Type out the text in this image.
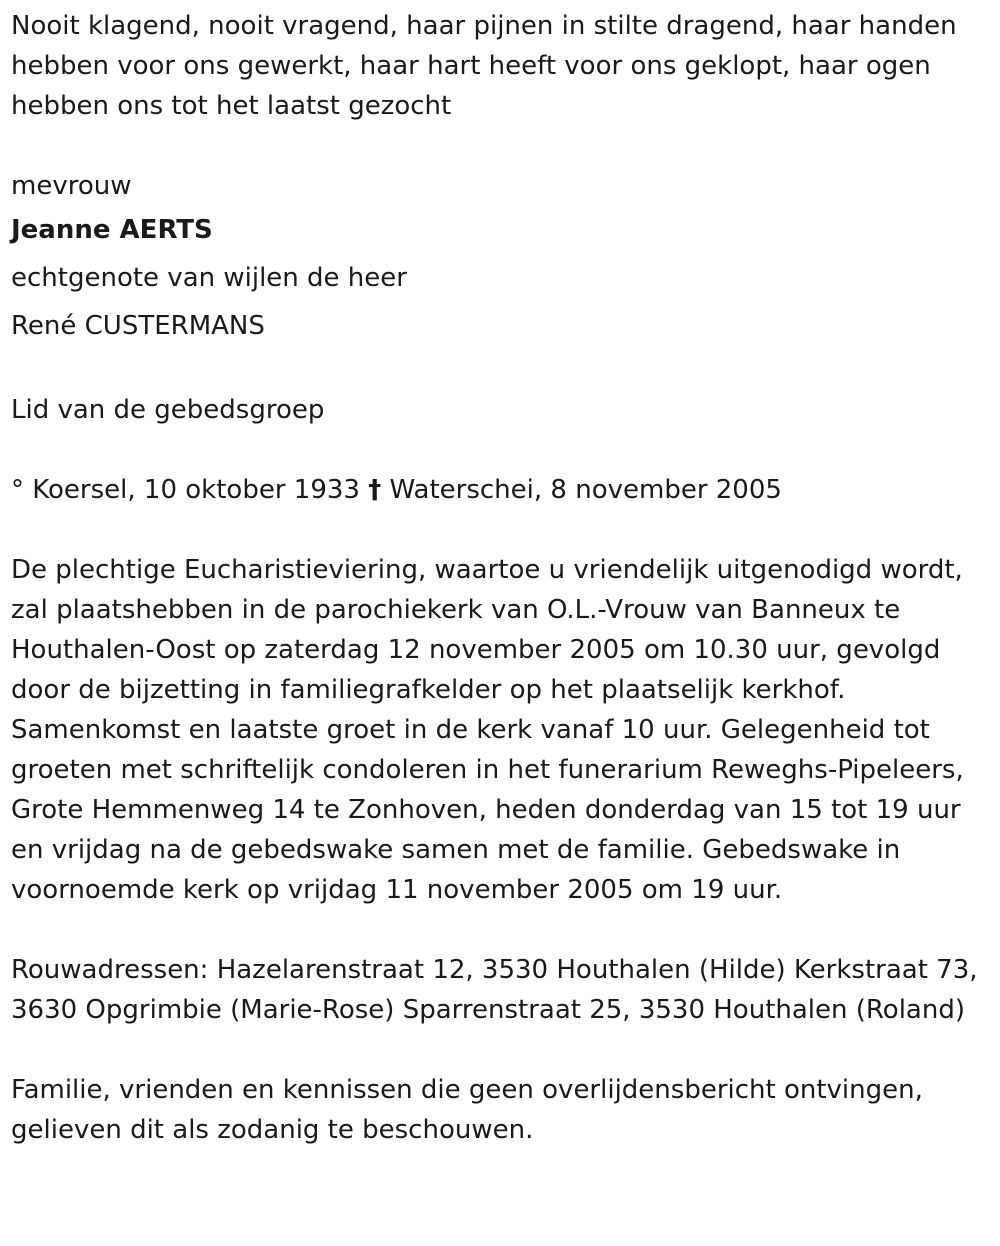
Nooit klagend, nooit vragend, haar pijnen in stilte dragend, haar handen hebben voor ons gewerkt, haar hart heeft voor ons geklopt, haar ogen hebben ons tot het laatst gezocht

mevrouw

Jeanne AERTS

echtgenote van wijlen de heer

René CUSTERMANS

Lid van de gebedsgroep

° Koersel, 10 oktober 1933 † Waterschei, 8 november 2005

De plechtige Eucharistieviering, waartoe u vriendelijk uitgenodigd wordt, zal plaatshebben in de parochiekerk van O.L.-Vrouw van Banneux te Houthalen-Oost op zaterdag 12 november 2005 om 10.30 uur, gevolgd door de bijzetting in familiegrafkelder op het plaatselijk kerkhof. Samenkomst en laatste groet in de kerk vanaf 10 uur. Gelegenheid tot groeten met schriftelijk condoleren in het funerarium Reweghs-Pipeleers, Grote Hemmenweg 14 te Zonhoven, heden donderdag van 15 tot 19 uur en vrijdag na de gebedswake samen met de familie. Gebedswake in voornoemde kerk op vrijdag 11 november 2005 om 19 uur.

Rouwadressen: Hazelarenstraat 12, 3530 Houthalen (Hilde) Kerkstraat 73, 3630 Opgrimbie (Marie-Rose) Sparrenstraat 25, 3530 Houthalen (Roland)

Familie, vrienden en kennissen die geen overlijdensbericht ontvingen, gelieven dit als zodanig te beschouwen.
